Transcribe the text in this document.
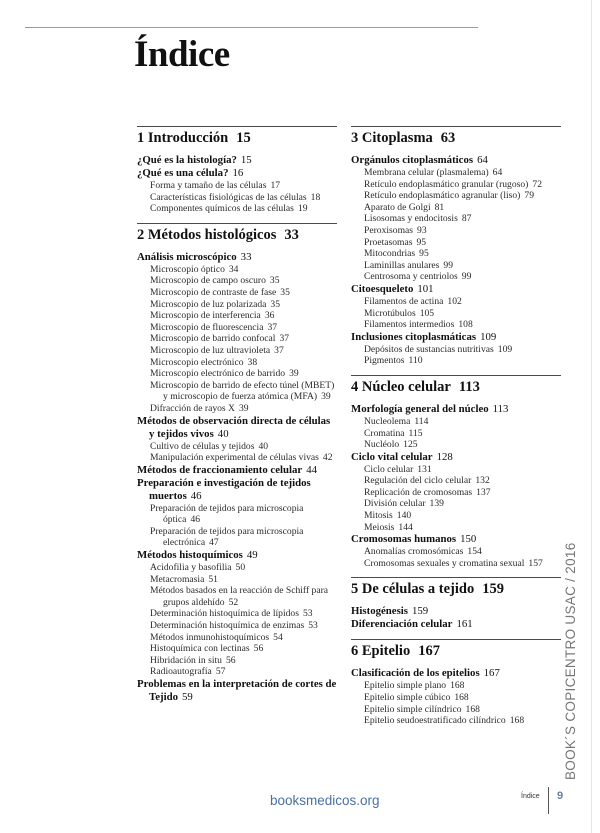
Índice
1 Introducción 15
¿Qué es la histología? 15
¿Qué es una célula? 16
Forma y tamaño de las células 17
Características fisiológicas de las células 18
Componentes químicos de las células 19
2 Métodos histológicos 33
Análisis microscópico 33
Microscopio óptico 34
Microscopio de campo oscuro 35
Microscopio de contraste de fase 35
Microscopio de luz polarizada 35
Microscopio de interferencia 36
Microscopio de fluorescencia 37
Microscopio de barrido confocal 37
Microscopio de luz ultravioleta 37
Microscopio electrónico 38
Microscopio electrónico de barrido 39
Microscopio de barrido de efecto túnel (MBET) y microscopio de fuerza atómica (MFA) 39
Difracción de rayos X 39
Métodos de observación directa de células y tejidos vivos 40
Cultivo de células y tejidos 40
Manipulación experimental de células vivas 42
Métodos de fraccionamiento celular 44
Preparación e investigación de tejidos muertos 46
Preparación de tejidos para microscopia óptica 46
Preparación de tejidos para microscopia electrónica 47
Métodos histoquímicos 49
Acidofilia y basofilia 50
Metacromasia 51
Métodos basados en la reacción de Schiff para grupos aldehído 52
Determinación histoquímica de lípidos 53
Determinación histoquímica de enzimas 53
Métodos inmunohistoquímicos 54
Histoquímica con lectinas 56
Hibridación in situ 56
Radioautografía 57
Problemas en la interpretación de cortes de Tejido 59
3 Citoplasma 63
Orgánulos citoplasmáticos 64
Membrana celular (plasmalema) 64
Retículo endoplasmático granular (rugoso) 72
Retículo endoplasmático agranular (liso) 79
Aparato de Golgi 81
Lisosomas y endocitosis 87
Peroxisomas 93
Proetasomas 95
Mitocondrias 95
Laminillas anulares 99
Centrosoma y centriolos 99
Citoesqueleto 101
Filamentos de actina 102
Microtúbulos 105
Filamentos intermedios 108
Inclusiones citoplasmáticas 109
Depósitos de sustancias nutritivas 109
Pigmentos 110
4 Núcleo celular 113
Morfología general del núcleo 113
Nucleolema 114
Cromatina 115
Nucléolo 125
Ciclo vital celular 128
Ciclo celular 131
Regulación del ciclo celular 132
Replicación de cromosomas 137
División celular 139
Mitosis 140
Meiosis 144
Cromosomas humanos 150
Anomalías cromosómicas 154
Cromosomas sexuales y cromatina sexual 157
5 De células a tejido 159
Histogénesis 159
Diferenciación celular 161
6 Epitelio 167
Clasificación de los epitelios 167
Epitelio simple plano 168
Epitelio simple cúbico 168
Epitelio simple cilíndrico 168
Epitelio seudoestratificado cilíndrico 168	BOOK´S COPICENTRO USAC / 2016
booksmedicos.org	Índice 9
